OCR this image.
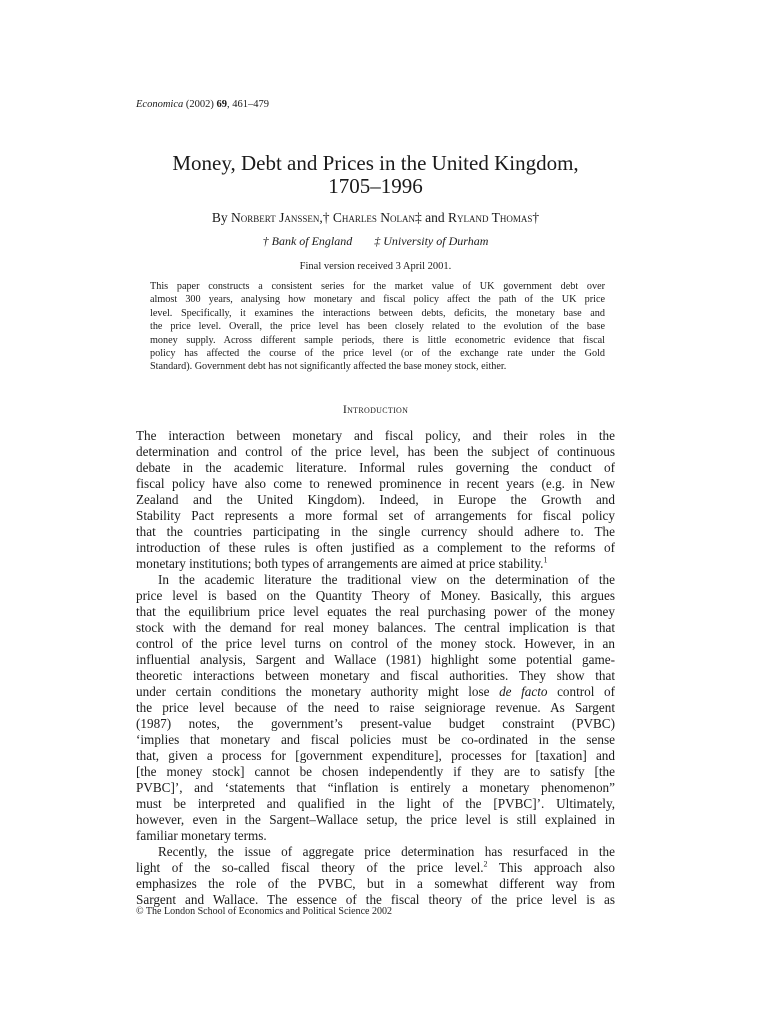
Economica (2002) 69, 461–479
Money, Debt and Prices in the United Kingdom,
1705–1996
By Norbert Janssen,† Charles Nolan‡ and Ryland Thomas†
† Bank of England ‡ University of Durham
Final version received 3 April 2001.
This paper constructs a consistent series for the market value of UK government debt over
almost 300 years, analysing how monetary and fiscal policy affect the path of the UK price
level. Specifically, it examines the interactions between debts, deficits, the monetary base and
the price level. Overall, the price level has been closely related to the evolution of the base
money supply. Across different sample periods, there is little econometric evidence that fiscal
policy has affected the course of the price level (or of the exchange rate under the Gold
Standard). Government debt has not significantly affected the base money stock, either.
Introduction
The interaction between monetary and fiscal policy, and their roles in the
determination and control of the price level, has been the subject of continuous
debate in the academic literature. Informal rules governing the conduct of
fiscal policy have also come to renewed prominence in recent years (e.g. in New
Zealand and the United Kingdom). Indeed, in Europe the Growth and
Stability Pact represents a more formal set of arrangements for fiscal policy
that the countries participating in the single currency should adhere to. The
introduction of these rules is often justified as a complement to the reforms of
monetary institutions; both types of arrangements are aimed at price stability.$^1$
In the academic literature the traditional view on the determination of the
price level is based on the Quantity Theory of Money. Basically, this argues
that the equilibrium price level equates the real purchasing power of the money
stock with the demand for real money balances. The central implication is that
control of the price level turns on control of the money stock. However, in an
influential analysis, Sargent and Wallace (1981) highlight some potential game-
theoretic interactions between monetary and fiscal authorities. They show that
under certain conditions the monetary authority might lose de facto control of
the price level because of the need to raise seigniorage revenue. As Sargent
(1987) notes, the government’s present-value budget constraint (PVBC)
‘implies that monetary and fiscal policies must be co-ordinated in the sense
that, given a process for [government expenditure], processes for [taxation] and
[the money stock] cannot be chosen independently if they are to satisfy [the
PVBC]’, and ‘statements that “inflation is entirely a monetary phenomenon”
must be interpreted and qualified in the light of the [PVBC]’. Ultimately,
however, even in the Sargent–Wallace setup, the price level is still explained in
familiar monetary terms.
Recently, the issue of aggregate price determination has resurfaced in the
light of the so-called fiscal theory of the price level.$^2$ This approach also
emphasizes the role of the PVBC, but in a somewhat different way from
Sargent and Wallace. The essence of the fiscal theory of the price level is as
© The London School of Economics and Political Science 2002
